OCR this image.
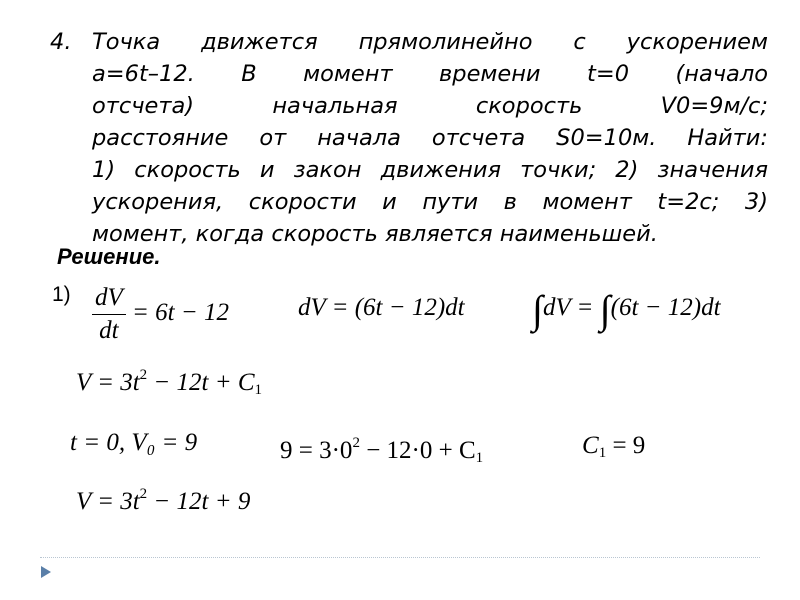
4. Точка движется прямолинейно с ускорением
a=6t–12. В момент времени t=0 (начало
отсчета) начальная скорость V0=9м/с;
расстояние от начала отсчета S0=10м. Найти:
1) скорость и закон движения точки; 2) значения
ускорения, скорости и пути в момент t=2с; 3)
момент, когда скорость является наименьшей.
Решение.
$1) \frac{dV}{dt} = 6t - 12$	dV = (6t − 12)dt ∫dV = ∫(6t − 12)dt
$V = 3t^2 - 12t + C_1$
t = 0, V₀ = 9	$9 = 3\cdot 0^2 - 12\cdot 0 + C_1$	$C_1 = 9$
$V = 3t^2 - 12t + 9$
